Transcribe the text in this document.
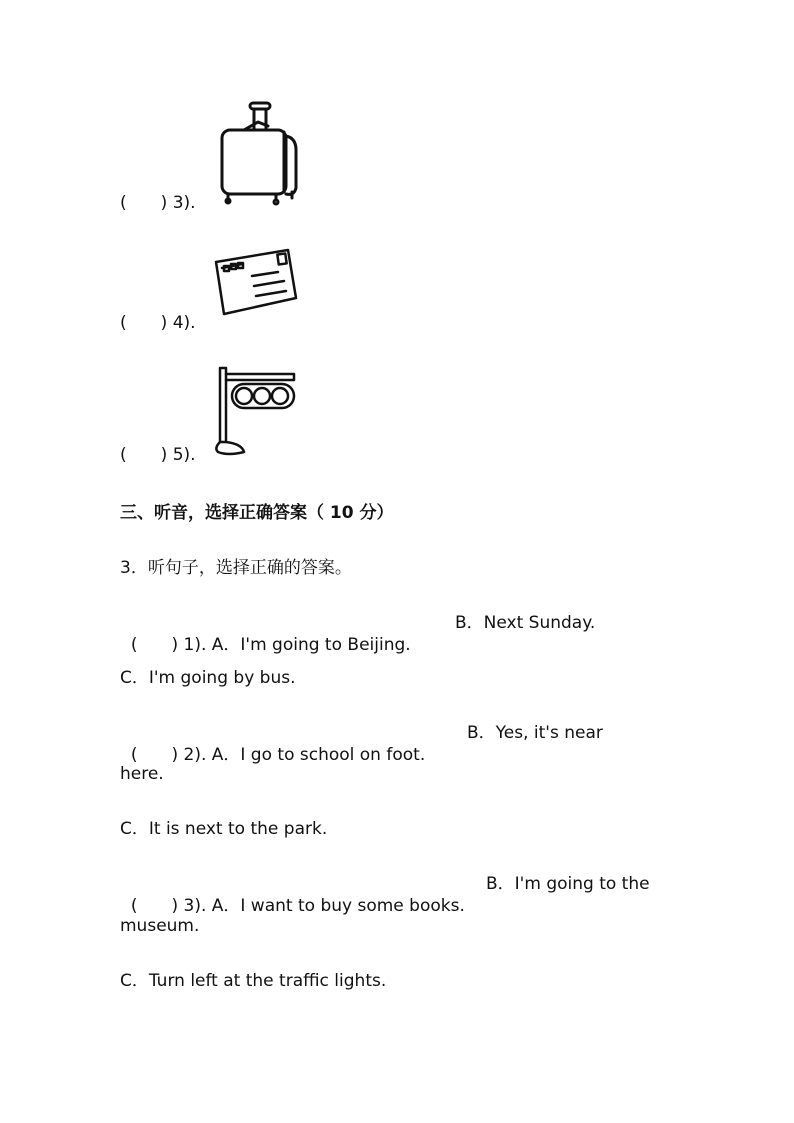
(   ) 3).
(   ) 4).
(   ) 5).
三、听音，选择正确答案（ 10 分）
3．听句子，选择正确的答案。

(   ) 1). A．I'm going to Beijing.

B．Next Sunday.

C．I'm going by bus.

(   ) 2). A．I go to school on foot.

B．Yes, it's near

here.
C．It is next to the park.

(   ) 3). A．I want to buy some books.

B．I'm going to the

museum.
C．Turn left at the traffic lights.
